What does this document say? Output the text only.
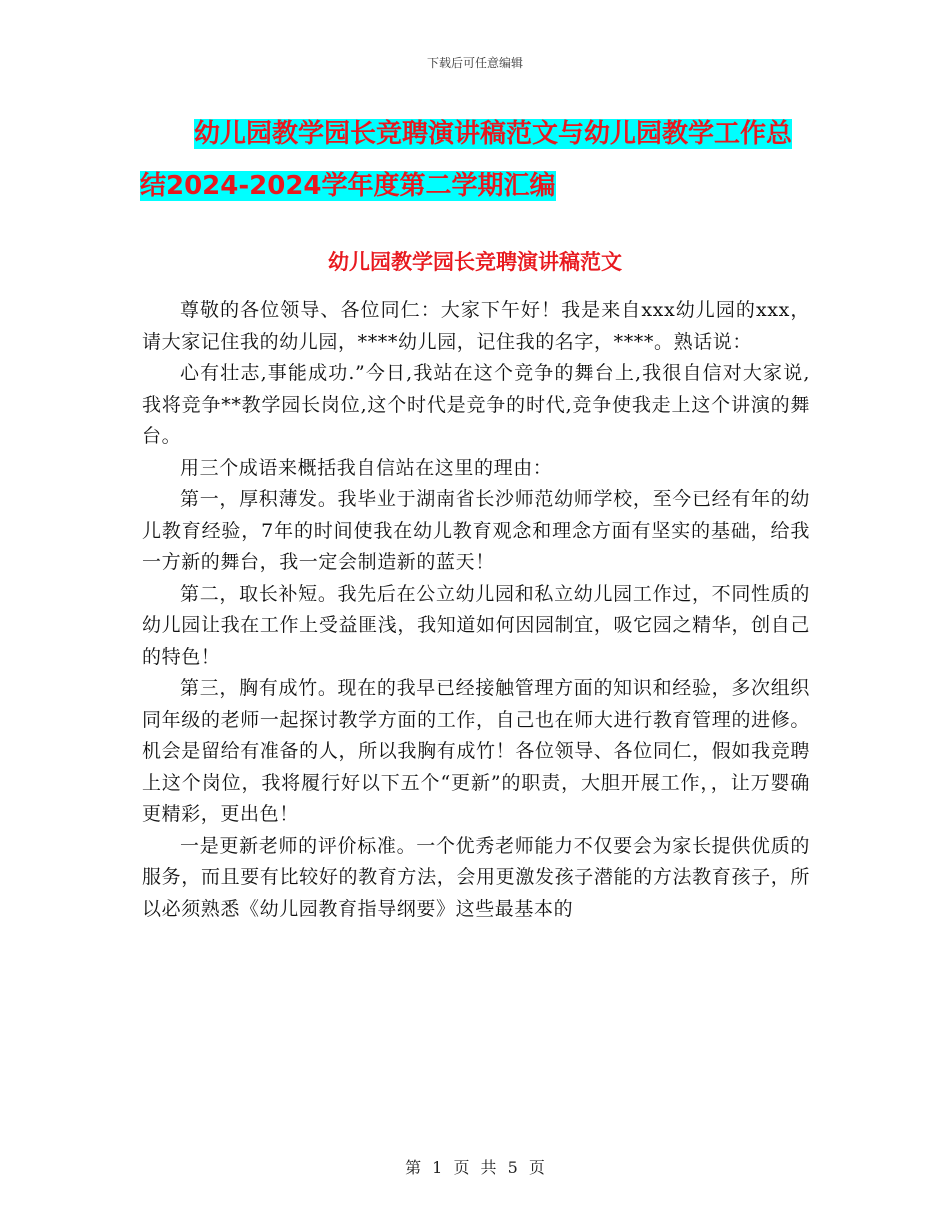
下载后可任意编辑
幼儿园教学园长竞聘演讲稿范文与幼儿园教学工作总
结2024-2024学年度第二学期汇编
幼儿园教学园长竞聘演讲稿范文

尊敬的各位领导、各位同仁：大家下午好！我是来自xxx幼儿园的xxx，请大家记住我的幼儿园，****幼儿园，记住我的名字，****。熟话说：

心有壮志,事能成功.”今日,我站在这个竞争的舞台上,我很自信对大家说,我将竞争**教学园长岗位,这个时代是竞争的时代,竞争使我走上这个讲演的舞台。

用三个成语来概括我自信站在这里的理由：

第一，厚积薄发。我毕业于湖南省长沙师范幼师学校，至今已经有年的幼儿教育经验，7年的时间使我在幼儿教育观念和理念方面有坚实的基础，给我一方新的舞台，我一定会制造新的蓝天！

第二，取长补短。我先后在公立幼儿园和私立幼儿园工作过，不同性质的幼儿园让我在工作上受益匪浅，我知道如何因园制宜，吸它园之精华，创自己的特色！

第三，胸有成竹。现在的我早已经接触管理方面的知识和经验，多次组织同年级的老师一起探讨教学方面的工作，自己也在师大进行教育管理的进修。机会是留给有准备的人，所以我胸有成竹！各位领导、各位同仁，假如我竞聘上这个岗位，我将履行好以下五个“更新”的职责，大胆开展工作，，让万婴确更精彩，更出色！

一是更新老师的评价标准。一个优秀老师能力不仅要会为家长提供优质的服务，而且要有比较好的教育方法，会用更激发孩子潜能的方法教育孩子，所以必须熟悉《幼儿园教育指导纲要》这些最基本的

第 1 页 共 5 页
